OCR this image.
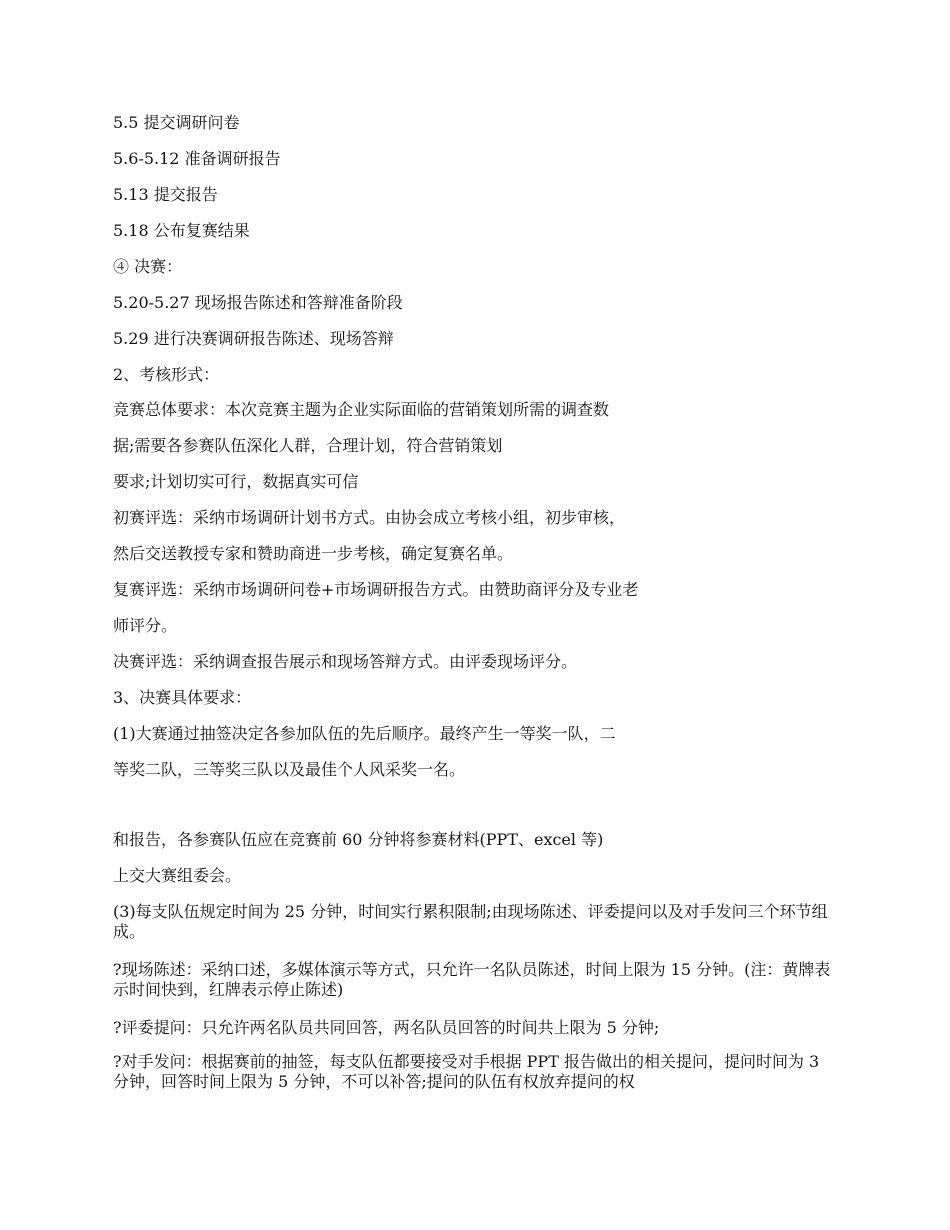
5.5 提交调研问卷

5.6-5.12 准备调研报告

5.13 提交报告

5.18 公布复赛结果

④ 决赛：

5.20-5.27 现场报告陈述和答辩准备阶段

5.29 进行决赛调研报告陈述、现场答辩

2、考核形式：

竞赛总体要求：本次竞赛主题为企业实际面临的营销策划所需的调查数

据;需要各参赛队伍深化人群，合理计划，符合营销策划

要求;计划切实可行，数据真实可信

初赛评选：采纳市场调研计划书方式。由协会成立考核小组，初步审核，

然后交送教授专家和赞助商进一步考核，确定复赛名单。

复赛评选：采纳市场调研问卷+市场调研报告方式。由赞助商评分及专业老

师评分。

决赛评选：采纳调查报告展示和现场答辩方式。由评委现场评分。

3、决赛具体要求：

(1)大赛通过抽签决定各参加队伍的先后顺序。最终产生一等奖一队，二

等奖二队，三等奖三队以及最佳个人风采奖一名。

和报告，各参赛队伍应在竞赛前 60 分钟将参赛材料(PPT、excel 等)

上交大赛组委会。

(3)每支队伍规定时间为 25 分钟，时间实行累积限制;由现场陈述、评委提问以及对手发问三个环节组成。

?现场陈述：采纳口述，多媒体演示等方式，只允许一名队员陈述，时间上限为 15 分钟。(注：黄牌表示时间快到，红牌表示停止陈述)

?评委提问：只允许两名队员共同回答，两名队员回答的时间共上限为 5 分钟;

?对手发问：根据赛前的抽签，每支队伍都要接受对手根据 PPT 报告做出的相关提问，提问时间为 3 分钟，回答时间上限为 5 分钟，不可以补答;提问的队伍有权放弃提问的权
